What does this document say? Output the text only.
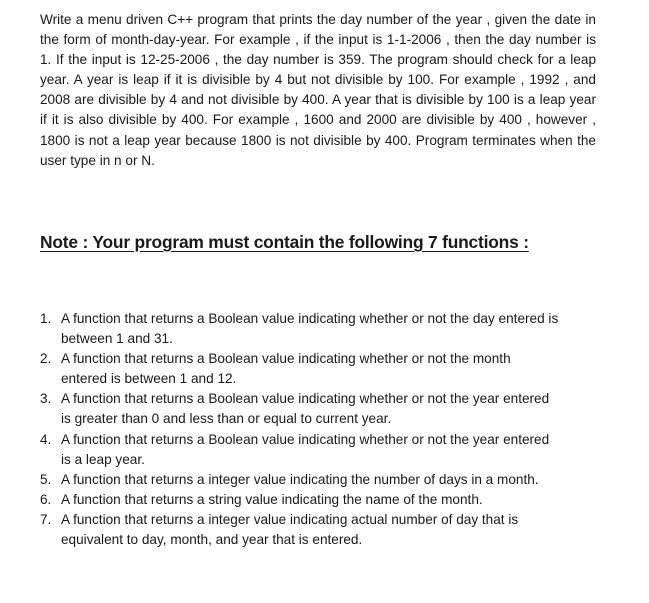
Write a menu driven C++ program that prints the day number of the year , given the date in the form of month-day-year. For example , if the input is 1-1-2006 , then the day number is 1. If the input is 12-25-2006 , the day number is 359. The program should check for a leap year. A year is leap if it is divisible by 4 but not divisible by 100. For example , 1992 , and 2008 are divisible by 4 and not divisible by 400. A year that is divisible by 100 is a leap year if it is also divisible by 400. For example , 1600 and 2000 are divisible by 400 , however , 1800 is not a leap year because 1800 is not divisible by 400. Program terminates when the user type in n or N.

Note : Your program must contain the following 7 functions :
1. A function that returns a Boolean value indicating whether or not the day entered is between 1 and 31.
2. A function that returns a Boolean value indicating whether or not the month entered is between 1 and 12.
3. A function that returns a Boolean value indicating whether or not the year entered is greater than 0 and less than or equal to current year.
4. A function that returns a Boolean value indicating whether or not the year entered is a leap year.
5. A function that returns a integer value indicating the number of days in a month.
6. A function that returns a string value indicating the name of the month.
7. A function that returns a integer value indicating actual number of day that is equivalent to day, month, and year that is entered.
